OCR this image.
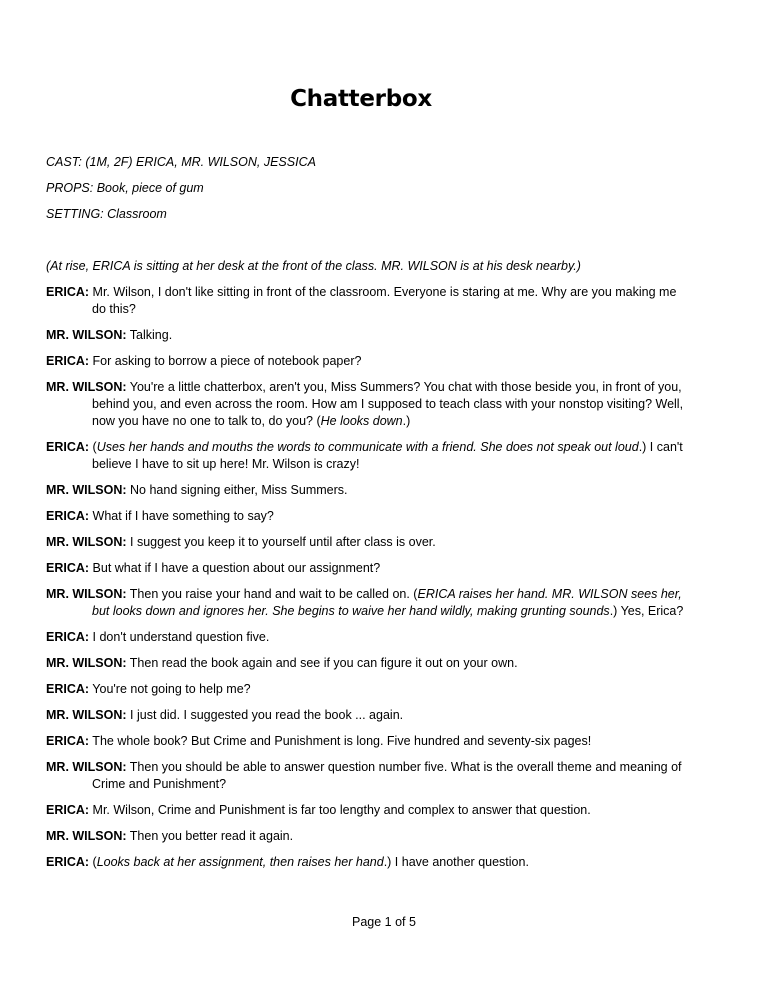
Chatterbox
CAST: (1M, 2F) ERICA, MR. WILSON, JESSICA
PROPS: Book, piece of gum
SETTING: Classroom

(At rise, ERICA is sitting at her desk at the front of the class. MR. WILSON is at his desk nearby.)

ERICA: Mr. Wilson, I don't like sitting in front of the classroom. Everyone is staring at me. Why are you making me do this?

MR. WILSON: Talking.

ERICA: For asking to borrow a piece of notebook paper?

MR. WILSON: You're a little chatterbox, aren't you, Miss Summers? You chat with those beside you, in front of you, behind you, and even across the room. How am I supposed to teach class with your nonstop visiting? Well, now you have no one to talk to, do you? (He looks down.)

ERICA: (Uses her hands and mouths the words to communicate with a friend. She does not speak out loud.) I can't believe I have to sit up here! Mr. Wilson is crazy!

MR. WILSON: No hand signing either, Miss Summers.

ERICA: What if I have something to say?

MR. WILSON: I suggest you keep it to yourself until after class is over.

ERICA: But what if I have a question about our assignment?

MR. WILSON: Then you raise your hand and wait to be called on. (ERICA raises her hand. MR. WILSON sees her, but looks down and ignores her. She begins to waive her hand wildly, making grunting sounds.) Yes, Erica?

ERICA: I don't understand question five.

MR. WILSON: Then read the book again and see if you can figure it out on your own.

ERICA: You're not going to help me?

MR. WILSON: I just did. I suggested you read the book ... again.

ERICA: The whole book? But Crime and Punishment is long. Five hundred and seventy-six pages!

MR. WILSON: Then you should be able to answer question number five. What is the overall theme and meaning of Crime and Punishment?

ERICA: Mr. Wilson, Crime and Punishment is far too lengthy and complex to answer that question.

MR. WILSON: Then you better read it again.

ERICA: (Looks back at her assignment, then raises her hand.) I have another question.

Page 1 of 5
